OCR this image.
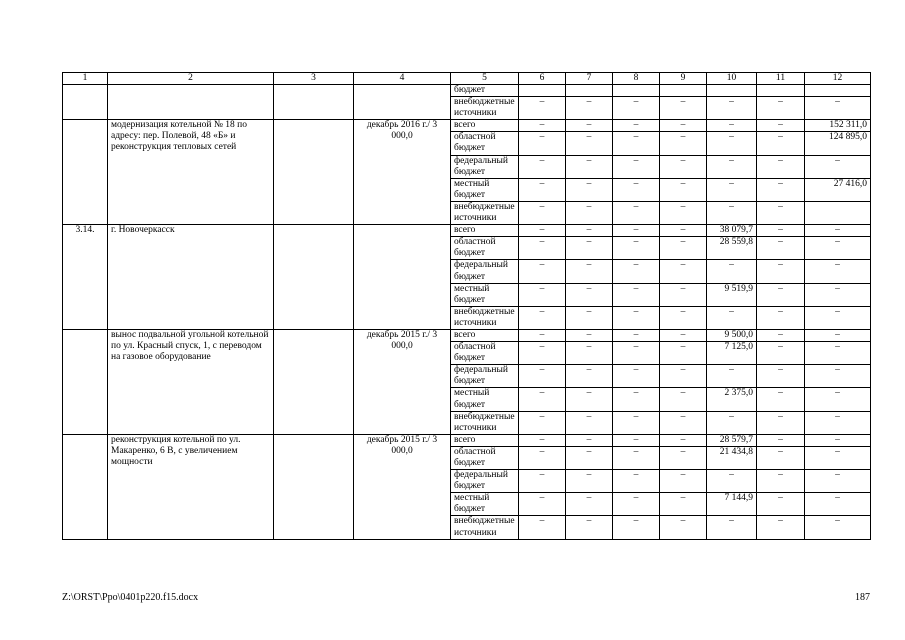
1	2	3	4	5	6	7	8	9	10	11	12
				бюджет							
				внебюджетные источники	–	–	–	–	–	–	–
	модернизация котельной № 18 по адресу: пер. Полевой, 48 «Б» и реконструкция тепловых сетей		декабрь 2016 г./ 3 000,0	всего	–	–	–	–	–	–	152 311,0
				областной бюджет	–	–	–	–	–	–	124 895,0
				федеральный бюджет	–	–	–	–	–	–	–
				местный бюджет	–	–	–	–	–	–	27 416,0
				внебюджетные источники	–	–	–	–	–	–	
3.14.	г. Новочеркасск			всего	–	–	–	–	38 079,7	–	–
				областной бюджет	–	–	–	–	28 559,8	–	–
				федеральный бюджет	–	–	–	–	–	–	–
				местный бюджет	–	–	–	–	9 519,9	–	–
				внебюджетные источники	–	–	–	–	–	–	–
	вынос подвальной угольной котельной по ул. Красный спуск, 1, с переводом на газовое оборудование		декабрь 2015 г./ 3 000,0	всего	–	–	–	–	9 500,0	–	–
				областной бюджет	–	–	–	–	7 125,0	–	–
				федеральный бюджет	–	–	–	–	–	–	–
				местный бюджет	–	–	–	–	2 375,0	–	–
				внебюджетные источники	–	–	–	–	–	–	–
	реконструкция котельной по ул. Макаренко, 6 В, с увеличением мощности		декабрь 2015 г./ 3 000,0	всего	–	–	–	–	28 579,7	–	–
				областной бюджет	–	–	–	–	21 434,8	–	–
				федеральный бюджет	–	–	–	–	–	–	–
				местный бюджет	–	–	–	–	7 144,9	–	–
				внебюджетные источники	–	–	–	–	–	–	–
Z:\ORST\Ppo\0401p220.f15.docx	187
